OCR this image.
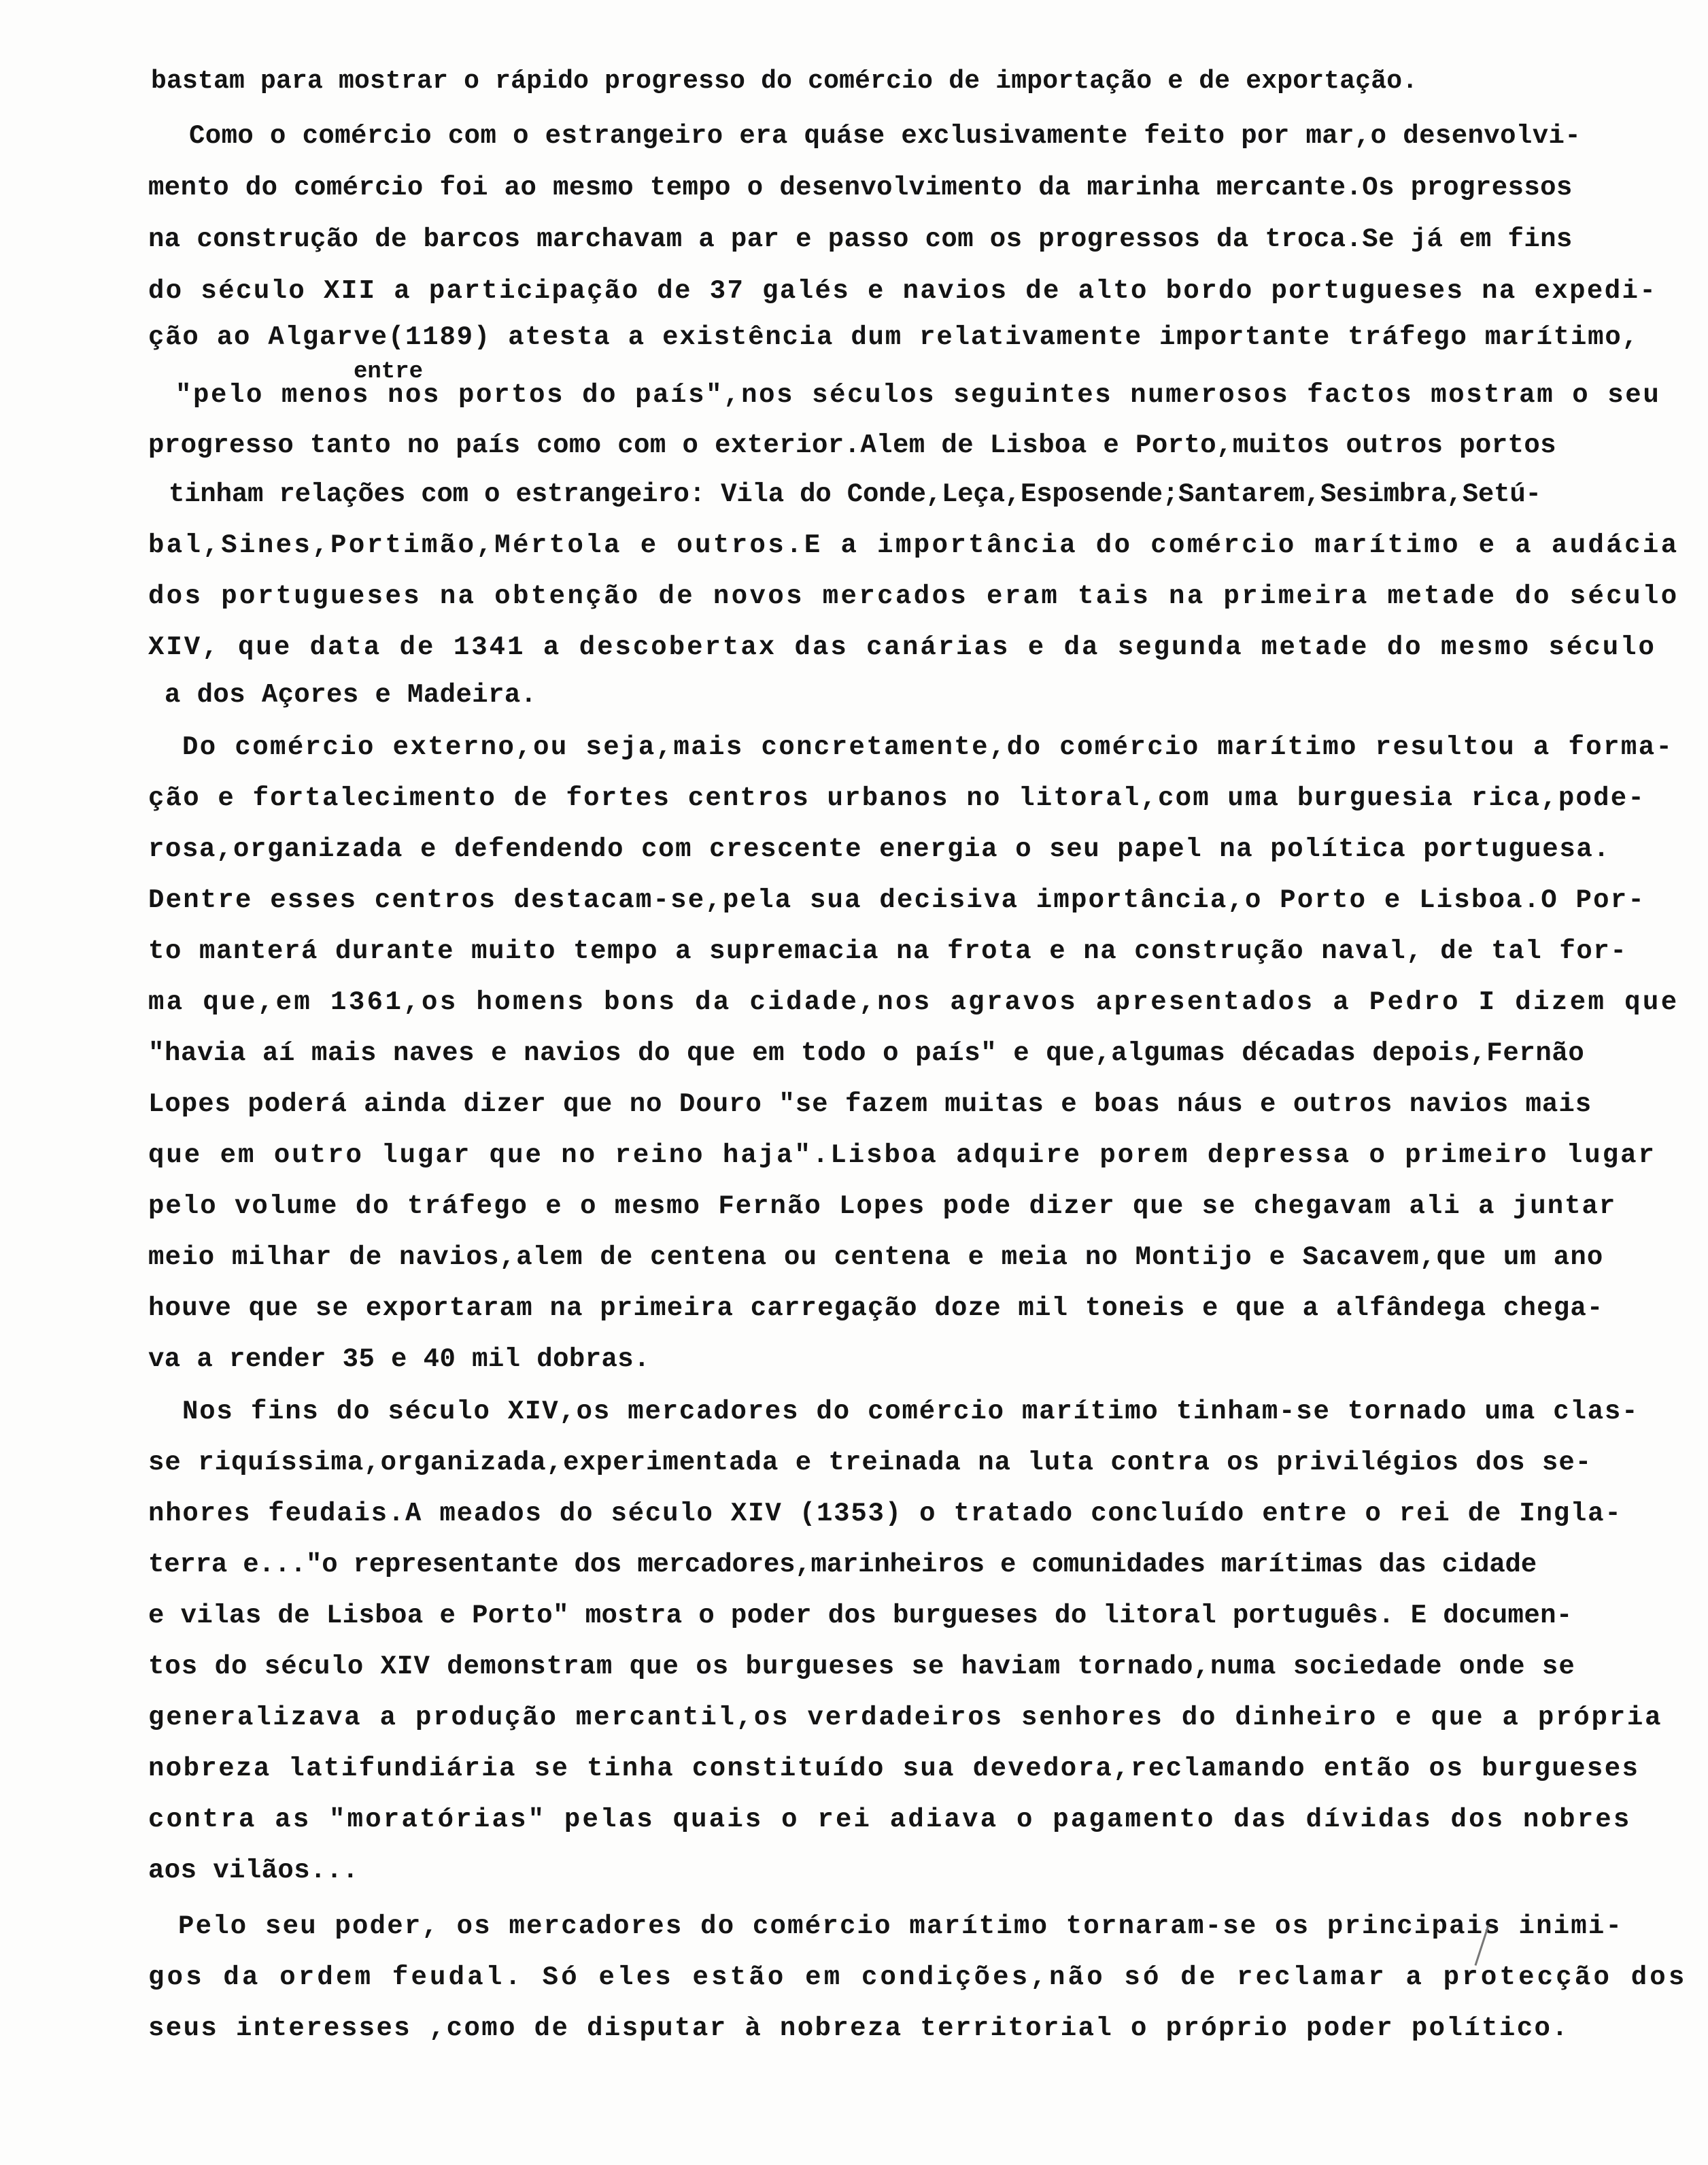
bastam para mostrar o rápido progresso do comércio de importação e de exportação.
Como o comércio com o estrangeiro era quáse exclusivamente feito por mar,o desenvolvi-
mento do comércio foi ao mesmo tempo o desenvolvimento da marinha mercante.Os progressos
na construção de barcos marchavam a par e passo com os progressos da troca.Se já em fins
do século XII a participação de 37 galés e navios de alto bordo portugueses na expedi-
ção ao Algarve(1189) atesta a existência dum relativamente importante tráfego marítimo,
entre
"pelo menos nos portos do país",nos séculos seguintes numerosos factos mostram o seu
progresso tanto no país como com o exterior.Alem de Lisboa e Porto,muitos outros portos
tinham relações com o estrangeiro: Vila do Conde,Leça,Esposende;Santarem,Sesimbra,Setú-
bal,Sines,Portimão,Mértola e outros.E a importância do comércio marítimo e a audácia
dos portugueses na obtenção de novos mercados eram tais na primeira metade do século
XIV, que data de 1341 a descobertax das canárias e da segunda metade do mesmo século
a dos Açores e Madeira.
Do comércio externo,ou seja,mais concretamente,do comércio marítimo resultou a forma-
ção e fortalecimento de fortes centros urbanos no litoral,com uma burguesia rica,pode-
rosa,organizada e defendendo com crescente energia o seu papel na política portuguesa.
Dentre esses centros destacam-se,pela sua decisiva importância,o Porto e Lisboa.O Por-
to manterá durante muito tempo a supremacia na frota e na construção naval, de tal for-
ma que,em 1361,os homens bons da cidade,nos agravos apresentados a Pedro I dizem que
"havia aí mais naves e navios do que em todo o país" e que,algumas décadas depois,Fernão
Lopes poderá ainda dizer que no Douro "se fazem muitas e boas náus e outros navios mais
que em outro lugar que no reino haja".Lisboa adquire porem depressa o primeiro lugar
pelo volume do tráfego e o mesmo Fernão Lopes pode dizer que se chegavam ali a juntar
meio milhar de navios,alem de centena ou centena e meia no Montijo e Sacavem,que um ano
houve que se exportaram na primeira carregação doze mil toneis e que a alfândega chega-
va a render 35 e 40 mil dobras.
Nos fins do século XIV,os mercadores do comércio marítimo tinham-se tornado uma clas-
se riquíssima,organizada,experimentada e treinada na luta contra os privilégios dos se-
nhores feudais.A meados do século XIV (1353) o tratado concluído entre o rei de Ingla-
terra e..."o representante dos mercadores,marinheiros e comunidades marítimas das cidade
e vilas de Lisboa e Porto" mostra o poder dos burgueses do litoral português. E documen-
tos do século XIV demonstram que os burgueses se haviam tornado,numa sociedade onde se
generalizava a produção mercantil,os verdadeiros senhores do dinheiro e que a própria
nobreza latifundiária se tinha constituído sua devedora,reclamando então os burgueses
contra as "moratórias" pelas quais o rei adiava o pagamento das dívidas dos nobres
aos vilãos...
Pelo seu poder, os mercadores do comércio marítimo tornaram-se os principais inimi-
gos da ordem feudal. Só eles estão em condições,não só de reclamar a protecção dos
seus interesses ,como de disputar à nobreza territorial o próprio poder político.
